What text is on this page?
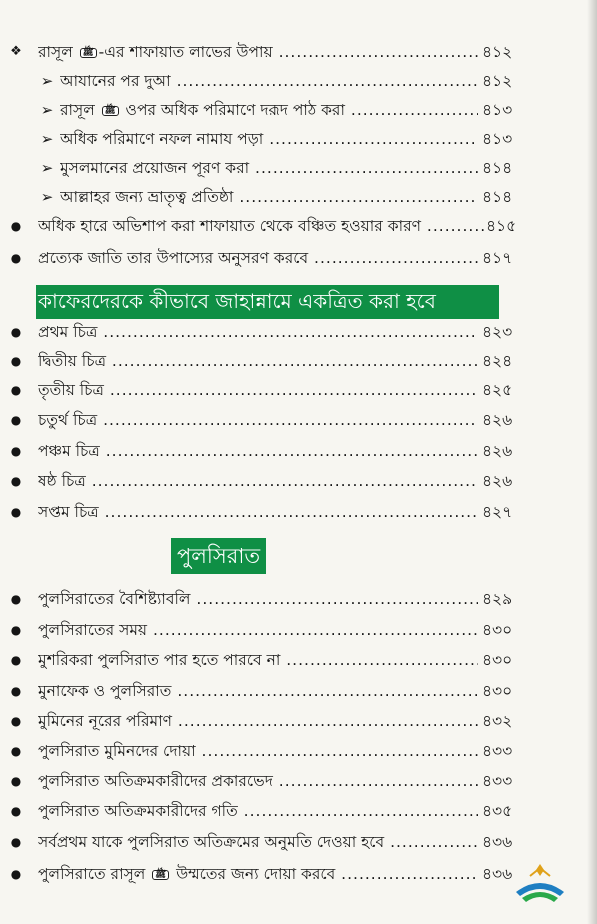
❖ রাসূল ﷺ -এর শাফায়াত লাভের উপায় .....	৪১২
➢ আযানের পর দুআ .....	৪১২
➢ রাসূল ﷺ ওপর অধিক পরিমাণে দরূদ পাঠ করা .....	৪১৩
➢ অধিক পরিমাণে নফল নামায পড়া .....	৪১৩
➢ মুসলমানের প্রয়োজন পূরণ করা .....	৪১৪
➢ আল্লাহর জন্য ভ্রাতৃত্ব প্রতিষ্ঠা .....	৪১৪
● অধিক হারে অভিশাপ করা শাফায়াত থেকে বঞ্চিত হওয়ার কারণ .....	৪১৫
● প্রত্যেক জাতি তার উপাস্যের অনুসরণ করবে .....	৪১৭
কাফেরদেরকে কীভাবে জাহান্নামে একত্রিত করা হবে
● প্রথম চিত্র .....	৪২৩
● দ্বিতীয় চিত্র .....	৪২৪
● তৃতীয় চিত্র .....	৪২৫
● চতুর্থ চিত্র .....	৪২৬
● পঞ্চম চিত্র .....	৪২৬
● ষষ্ঠ চিত্র .....	৪২৬
● সপ্তম চিত্র .....	৪২৭
পুলসিরাত
● পুলসিরাতের বৈশিষ্ট্যাবলি .....	৪২৯
● পুলসিরাতের সময় .....	৪৩০
● মুশরিকরা পুলসিরাত পার হতে পারবে না .....	৪৩০
● মুনাফেক ও পুলসিরাত .....	৪৩০
● মুমিনের নূরের পরিমাণ .....	৪৩২
● পুলসিরাত মুমিনদের দোয়া .....	৪৩৩
● পুলসিরাত অতিক্রমকারীদের প্রকারভেদ .....	৪৩৩
● পুলসিরাত অতিক্রমকারীদের গতি .....	৪৩৫
● সর্বপ্রথম যাকে পুলসিরাত অতিক্রমের অনুমতি দেওয়া হবে .....	৪৩৬
● পুলসিরাতে রাসূল ﷺ উম্মতের জন্য দোয়া করবে .....	৪৩৬
